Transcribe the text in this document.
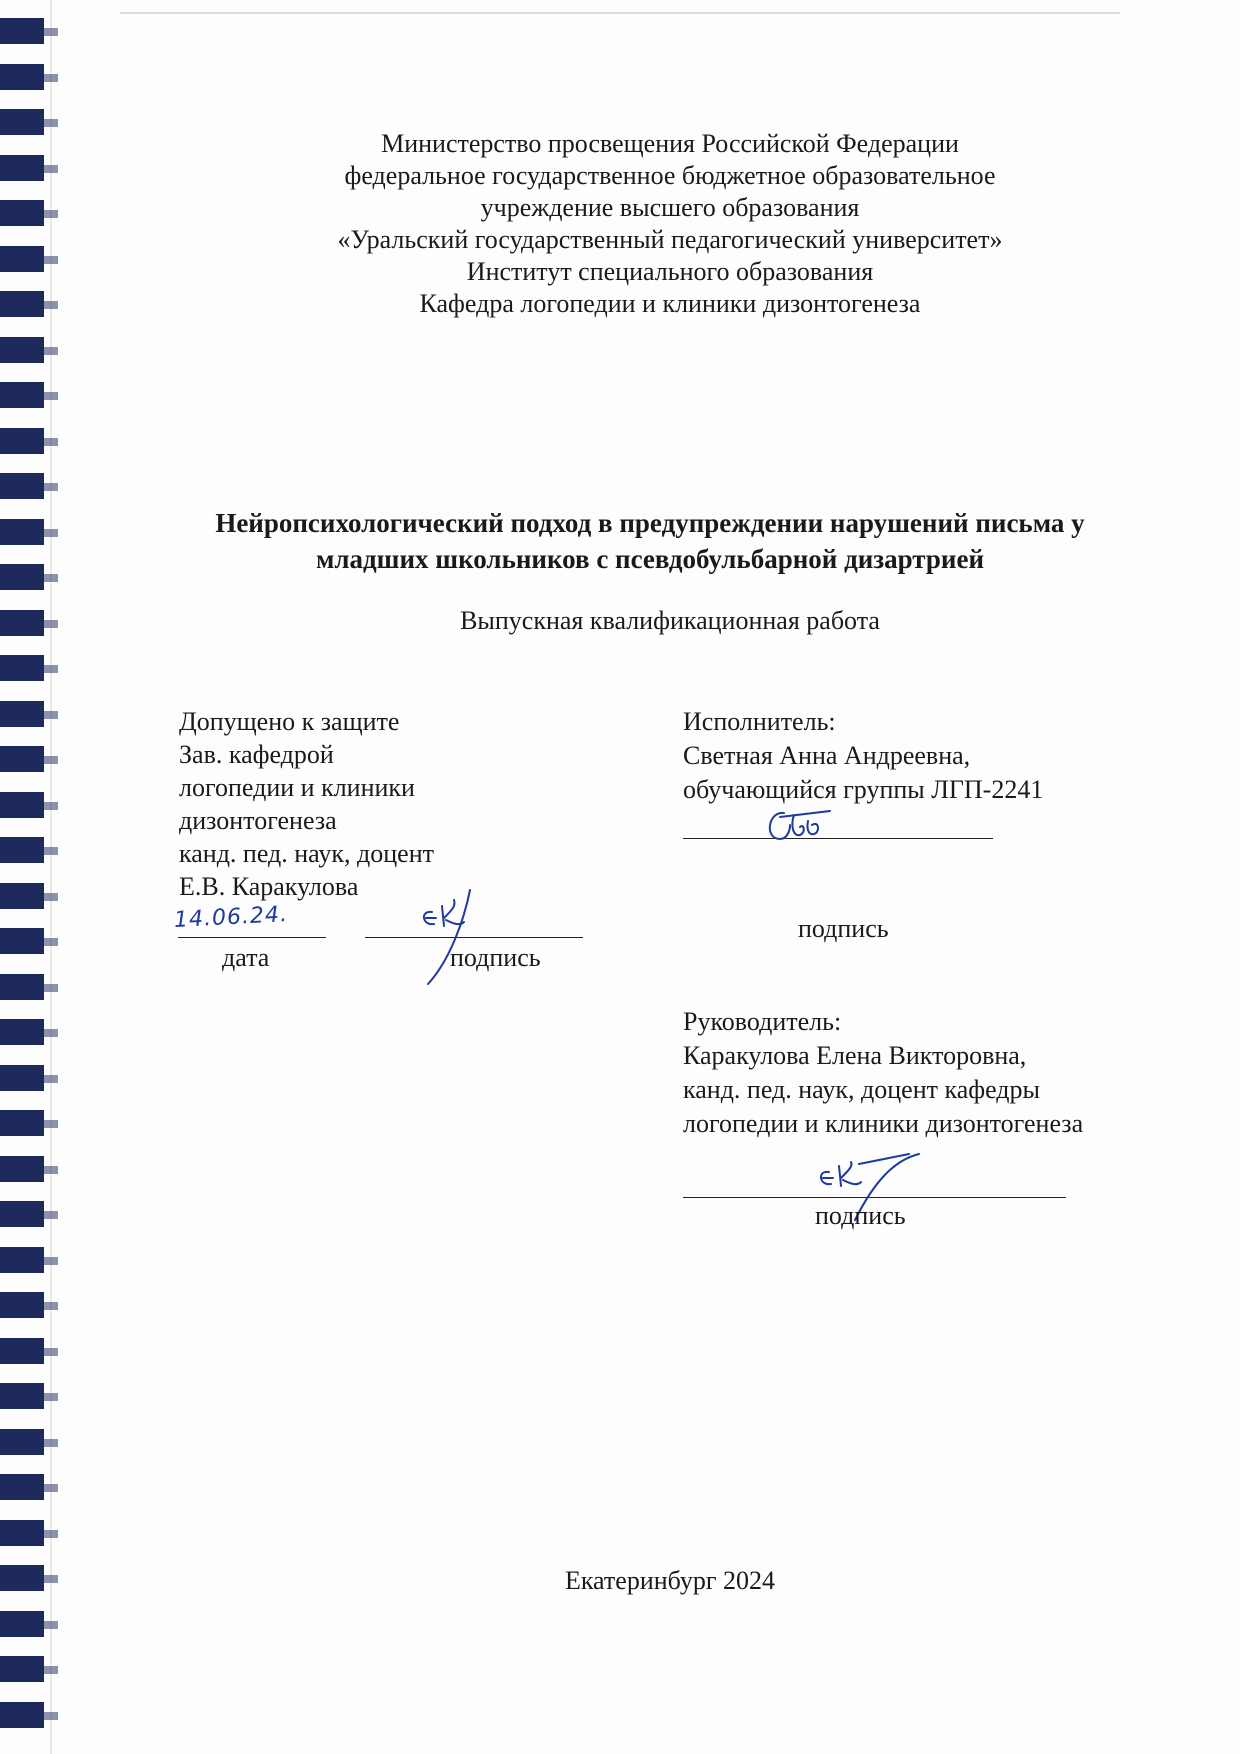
Министерство просвещения Российской Федерации
федеральное государственное бюджетное образовательное
учреждение высшего образования
«Уральский государственный педагогический университет»
Институт специального образования
Кафедра логопедии и клиники дизонтогенеза
Нейропсихологический подход в предупреждении нарушений письма у
младших школьников с псевдобульбарной дизартрией
Выпускная квалификационная работа
Допущено к защите
Зав. кафедрой
логопедии и клиники
дизонтогенеза
канд. пед. наук, доцент
Е.В. Каракулова
14.06.24.
дата	подпись
Исполнитель:
Светная Анна Андреевна,
обучающийся группы ЛГП-2241
подпись
Руководитель:
Каракулова Елена Викторовна,
канд. пед. наук, доцент кафедры
логопедии и клиники дизонтогенеза
подпись
Екатеринбург 2024
